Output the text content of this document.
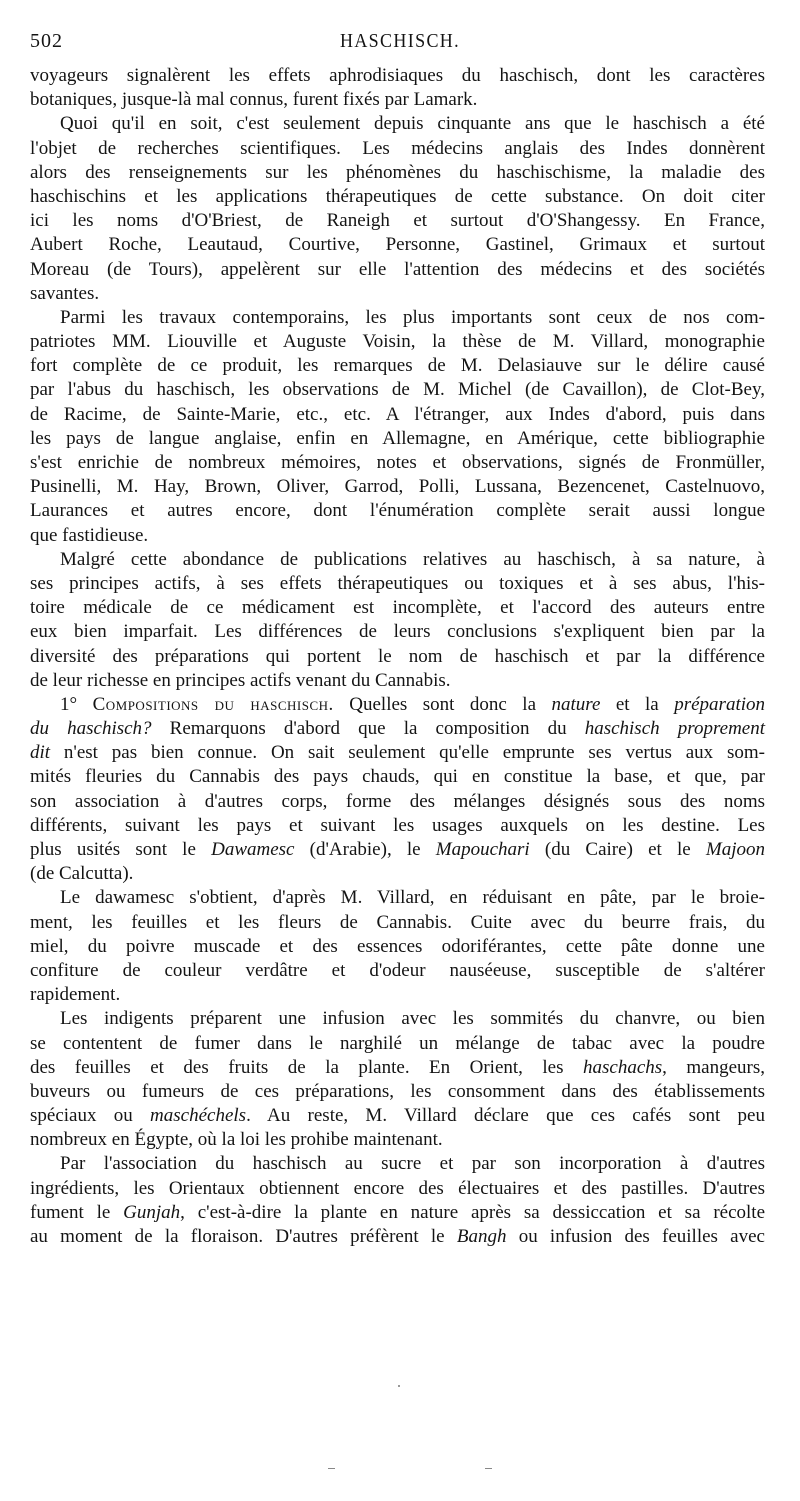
502	HASCHISCH.
voyageurs signalèrent les effets aphrodisiaques du haschisch, dont les caractères
botaniques, jusque-là mal connus, furent fixés par Lamark.
Quoi qu'il en soit, c'est seulement depuis cinquante ans que le haschisch a été
l'objet de recherches scientifiques. Les médecins anglais des Indes donnèrent
alors des renseignements sur les phénomènes du haschischisme, la maladie des
haschischins et les applications thérapeutiques de cette substance. On doit citer
ici les noms d'O'Briest, de Raneigh et surtout d'O'Shangessy. En France,
Aubert Roche, Leautaud, Courtive, Personne, Gastinel, Grimaux et surtout
Moreau (de Tours), appelèrent sur elle l'attention des médecins et des sociétés
savantes.
Parmi les travaux contemporains, les plus importants sont ceux de nos com-
patriotes MM. Liouville et Auguste Voisin, la thèse de M. Villard, monographie
fort complète de ce produit, les remarques de M. Delasiauve sur le délire causé
par l'abus du haschisch, les observations de M. Michel (de Cavaillon), de Clot-Bey,
de Racime, de Sainte-Marie, etc., etc. A l'étranger, aux Indes d'abord, puis dans
les pays de langue anglaise, enfin en Allemagne, en Amérique, cette bibliographie
s'est enrichie de nombreux mémoires, notes et observations, signés de Fronmüller,
Pusinelli, M. Hay, Brown, Oliver, Garrod, Polli, Lussana, Bezencenet, Castelnuovo,
Laurances et autres encore, dont l'énumération complète serait aussi longue
que fastidieuse.
Malgré cette abondance de publications relatives au haschisch, à sa nature, à
ses principes actifs, à ses effets thérapeutiques ou toxiques et à ses abus, l'his-
toire médicale de ce médicament est incomplète, et l'accord des auteurs entre
eux bien imparfait. Les différences de leurs conclusions s'expliquent bien par la
diversité des préparations qui portent le nom de haschisch et par la différence
de leur richesse en principes actifs venant du Cannabis.
1° Compositions du haschisch. Quelles sont donc la nature et la préparation
du haschisch? Remarquons d'abord que la composition du haschisch proprement
dit n'est pas bien connue. On sait seulement qu'elle emprunte ses vertus aux som-
mités fleuries du Cannabis des pays chauds, qui en constitue la base, et que, par
son association à d'autres corps, forme des mélanges désignés sous des noms
différents, suivant les pays et suivant les usages auxquels on les destine. Les
plus usités sont le Dawamesc (d'Arabie), le Mapouchari (du Caire) et le Majoon
(de Calcutta).
Le dawamesc s'obtient, d'après M. Villard, en réduisant en pâte, par le broie-
ment, les feuilles et les fleurs de Cannabis. Cuite avec du beurre frais, du
miel, du poivre muscade et des essences odoriférantes, cette pâte donne une
confiture de couleur verdâtre et d'odeur nauséeuse, susceptible de s'altérer
rapidement.
Les indigents préparent une infusion avec les sommités du chanvre, ou bien
se contentent de fumer dans le narghilé un mélange de tabac avec la poudre
des feuilles et des fruits de la plante. En Orient, les haschachs, mangeurs,
buveurs ou fumeurs de ces préparations, les consomment dans des établissements
spéciaux ou maschéchels. Au reste, M. Villard déclare que ces cafés sont peu
nombreux en Égypte, où la loi les prohibe maintenant.
Par l'association du haschisch au sucre et par son incorporation à d'autres
ingrédients, les Orientaux obtiennent encore des électuaires et des pastilles. D'autres
fument le Gunjah, c'est-à-dire la plante en nature après sa dessiccation et sa récolte
au moment de la floraison. D'autres préfèrent le Bangh ou infusion des feuilles avec
